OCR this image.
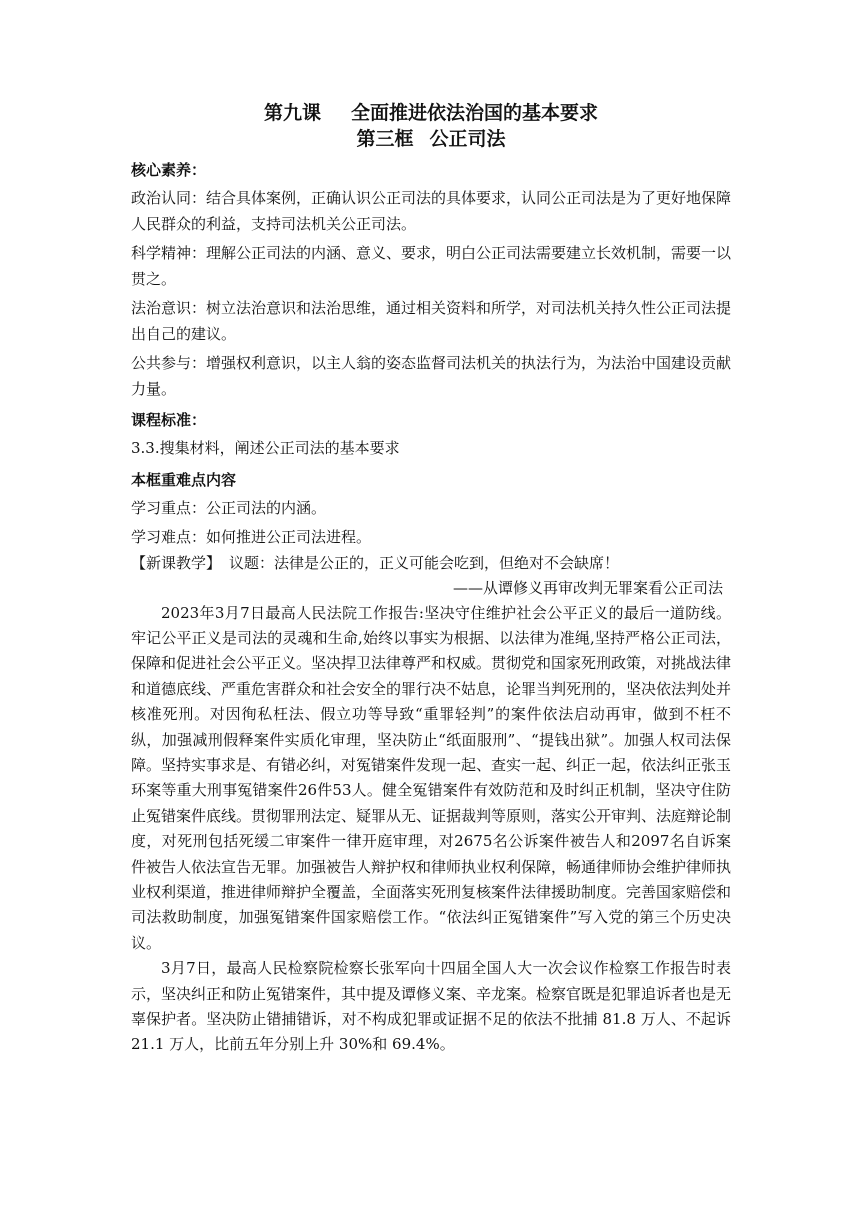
第九课 全面推进依法治国的基本要求
第三框 公正司法
核心素养：

政治认同：结合具体案例，正确认识公正司法的具体要求，认同公正司法是为了更好地保障人民群众的利益，支持司法机关公正司法。

科学精神：理解公正司法的内涵、意义、要求，明白公正司法需要建立长效机制，需要一以贯之。

法治意识：树立法治意识和法治思维，通过相关资料和所学，对司法机关持久性公正司法提出自己的建议。

公共参与：增强权利意识，以主人翁的姿态监督司法机关的执法行为，为法治中国建设贡献力量。

课程标准：

3.3.搜集材料，阐述公正司法的基本要求

本框重难点内容

学习重点：公正司法的内涵。

学习难点：如何推进公正司法进程。

【新课教学】 议题：法律是公正的，正义可能会吃到，但绝对不会缺席！

——从谭修义再审改判无罪案看公正司法

2023年3月7日最高人民法院工作报告:坚决守住维护社会公平正义的最后一道防线。牢记公平正义是司法的灵魂和生命,始终以事实为根据、以法律为准绳,坚持严格公正司法，保障和促进社会公平正义。坚决捍卫法律尊严和权威。贯彻党和国家死刑政策，对挑战法律和道德底线、严重危害群众和社会安全的罪行决不姑息，论罪当判死刑的，坚决依法判处并核准死刑。对因徇私枉法、假立功等导致“重罪轻判”的案件依法启动再审，做到不枉不纵，加强减刑假释案件实质化审理，坚决防止“纸面服刑”、“提钱出狱”。加强人权司法保障。坚持实事求是、有错必纠，对冤错案件发现一起、查实一起、纠正一起，依法纠正张玉环案等重大刑事冤错案件26件53人。健全冤错案件有效防范和及时纠正机制，坚决守住防止冤错案件底线。贯彻罪刑法定、疑罪从无、证据裁判等原则，落实公开审判、法庭辩论制度，对死刑包括死缓二审案件一律开庭审理，对2675名公诉案件被告人和2097名自诉案件被告人依法宣告无罪。加强被告人辩护权和律师执业权利保障，畅通律师协会维护律师执业权利渠道，推进律师辩护全覆盖，全面落实死刑复核案件法律援助制度。完善国家赔偿和司法救助制度，加强冤错案件国家赔偿工作。“依法纠正冤错案件”写入党的第三个历史决议。

3月7日，最高人民检察院检察长张军向十四届全国人大一次会议作检察工作报告时表示，坚决纠正和防止冤错案件，其中提及谭修义案、辛龙案。检察官既是犯罪追诉者也是无辜保护者。坚决防止错捕错诉，对不构成犯罪或证据不足的依法不批捕 81.8 万人、不起诉 21.1 万人，比前五年分别上升 30%和 69.4%。
